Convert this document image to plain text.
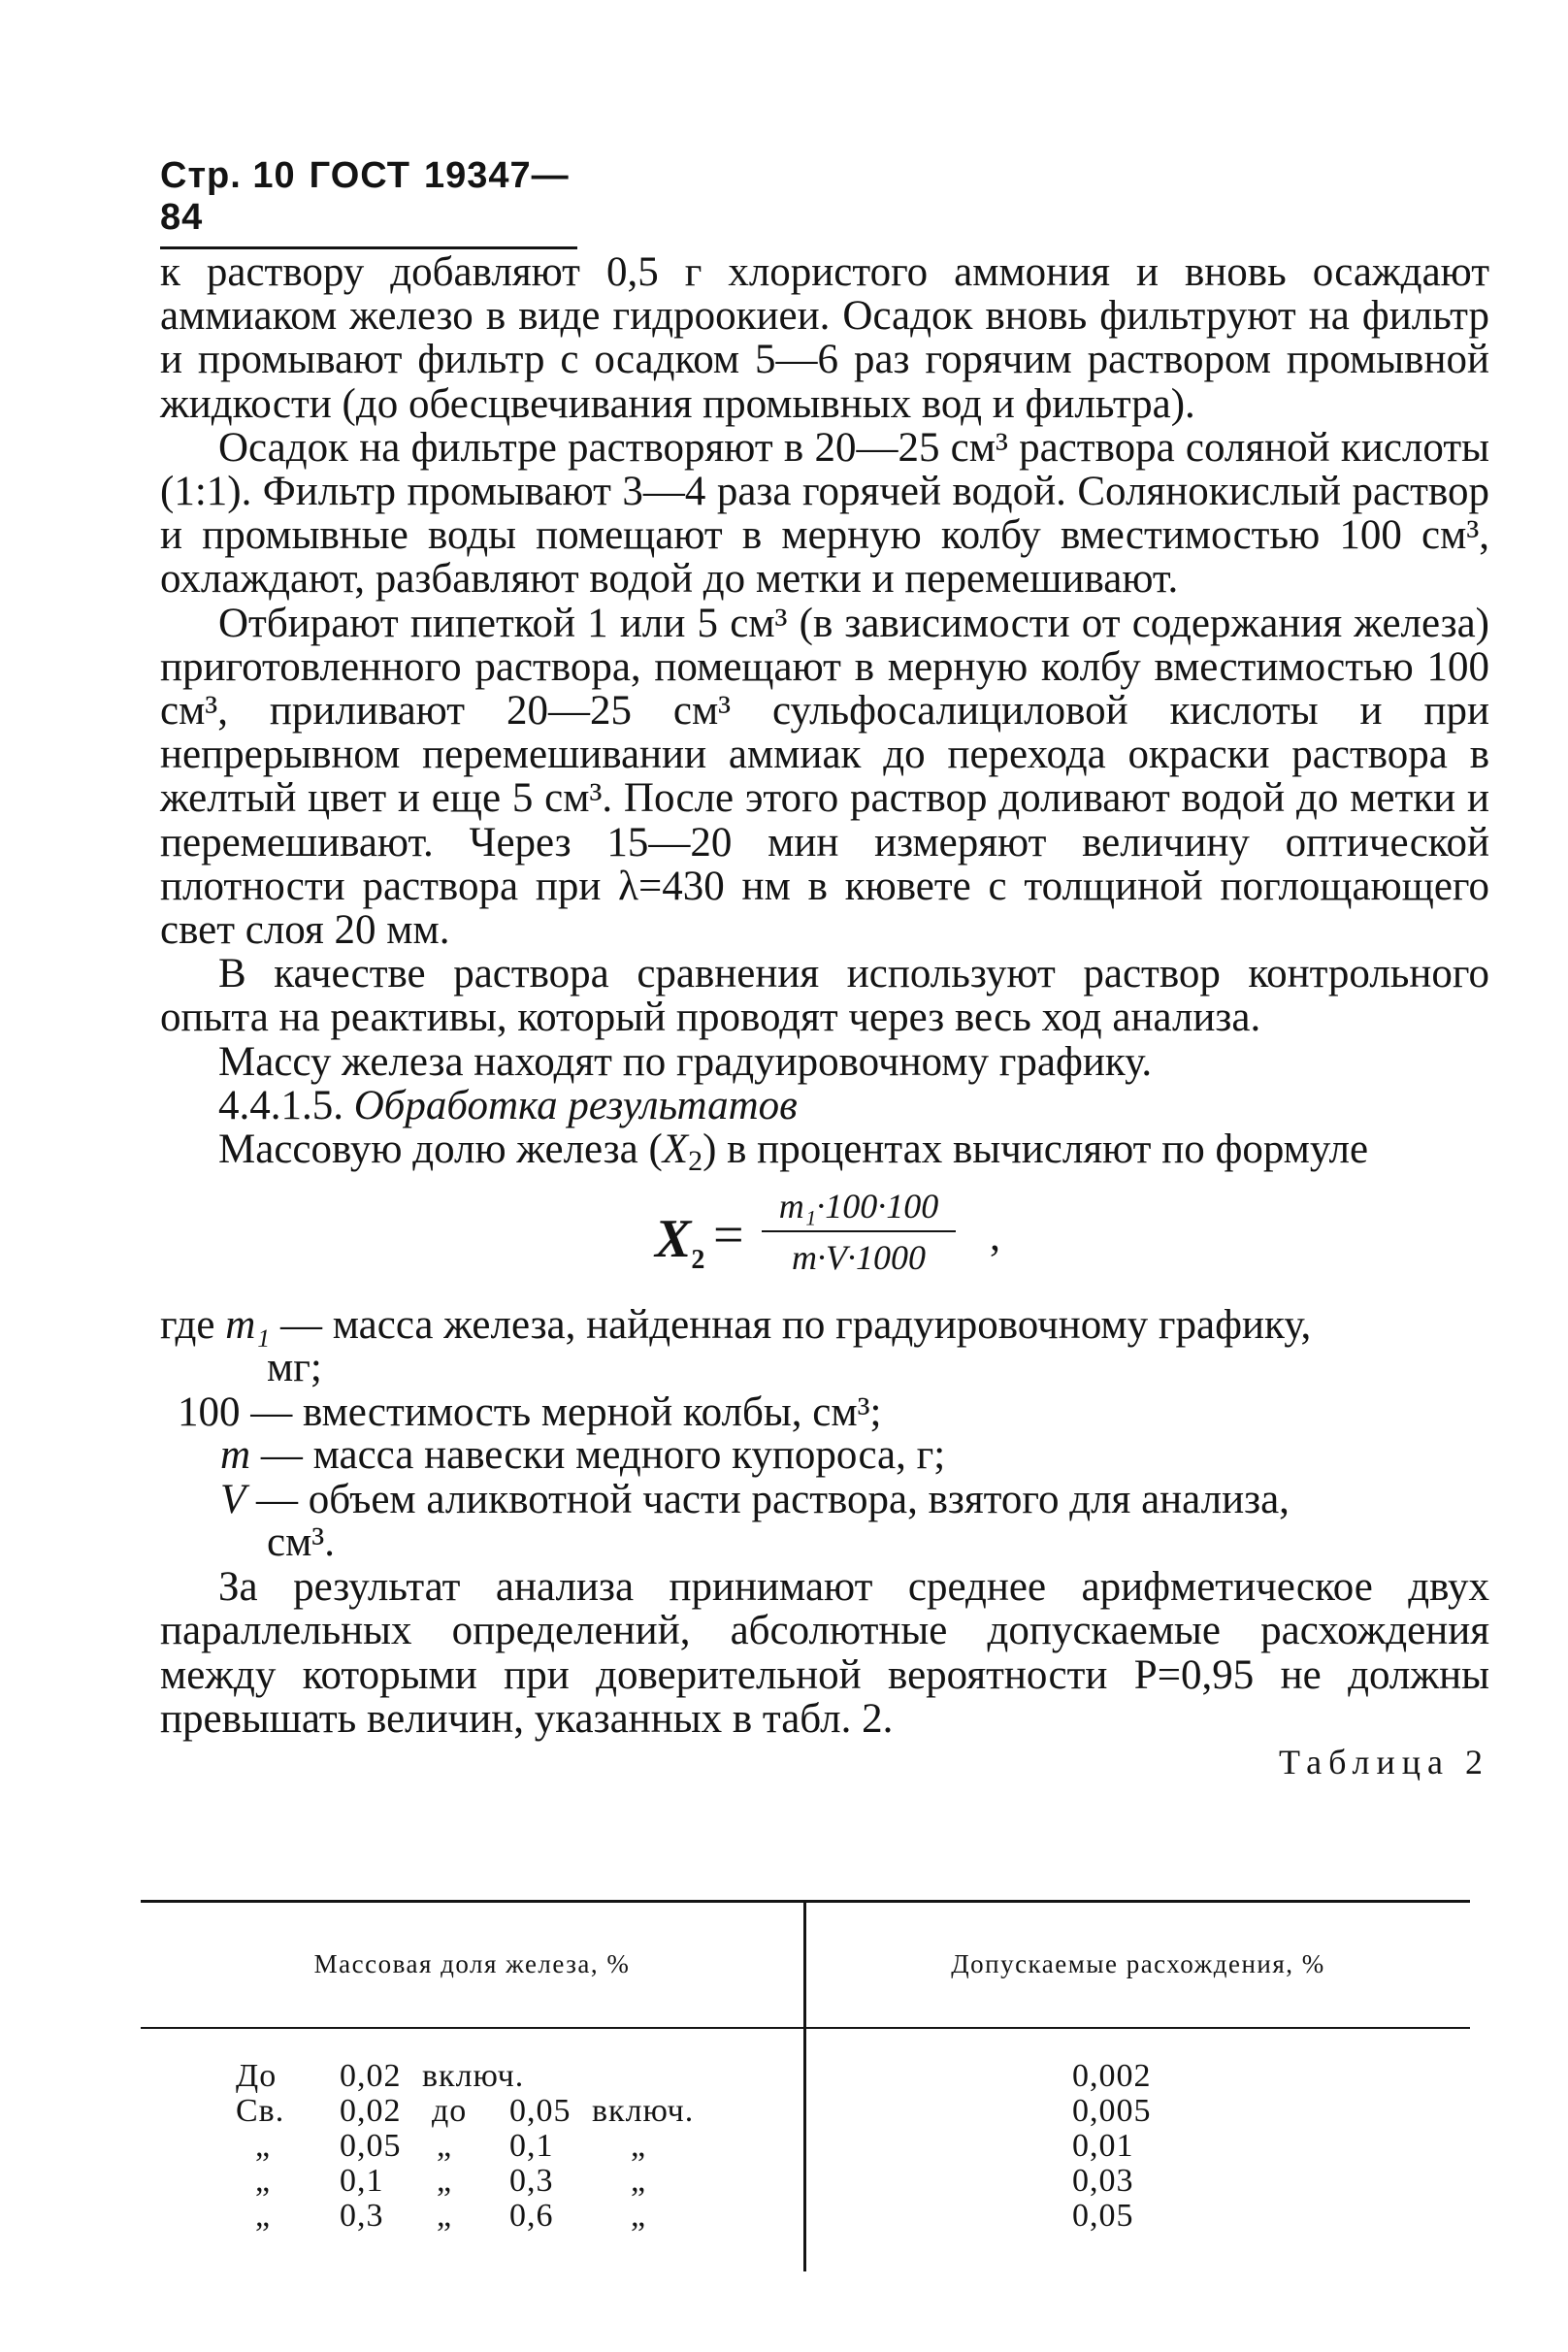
Стр. 10 ГОСТ 19347—84

к раствору добавляют 0,5 г хлористого аммония и вновь осаждают аммиаком железо в виде гидроокиеи. Осадок вновь фильтруют на фильтр и промывают фильтр с осадком 5—6 раз горячим раствором промывной жидкости (до обесцвечивания промывных вод и фильтра).

Осадок на фильтре растворяют в 20—25 см³ раствора соляной кислоты (1:1). Фильтр промывают 3—4 раза горячей водой. Солянокислый раствор и промывные воды помещают в мерную колбу вместимостью 100 см³, охлаждают, разбавляют водой до метки и перемешивают.

Отбирают пипеткой 1 или 5 см³ (в зависимости от содержания железа) приготовленного раствора, помещают в мерную колбу вместимостью 100 см³, приливают 20—25 см³ сульфосалициловой кислоты и при непрерывном перемешивании аммиак до перехода окраски раствора в желтый цвет и еще 5 см³. После этого раствор доливают водой до метки и перемешивают. Через 15—20 мин измеряют величину оптической плотности раствора при λ=430 нм в кювете с толщиной поглощающего свет слоя 20 мм.

В качестве раствора сравнения используют раствор контрольного опыта на реактивы, который проводят через весь ход анализа.

Массу железа находят по градуировочному графику.

4.4.1.5. Обработка результатов

Массовую долю железа $(X_2)$ в процентах вычисляют по формуле

$X_2 = \frac{\text{m₁·100·100}}{m\cdot V\cdot 1000}$ ,
где m₁ — масса железа, найденная по градуировочному графику,
мг;
100 — вместимость мерной колбы, см³;
m — масса навески медного купороса, г;
V — объем аликвотной части раствора, взятого для анализа,
см³.

За результат анализа принимают среднее арифметическое двух параллельных определений, абсолютные допускаемые расхождения между которыми при доверительной вероятности P=0,95 не должны превышать величин, указанных в табл. 2.

Таблица 2
Массовая доля железа, %	Допускаемые расхождения, %
До 0,02 включ.	0,002
Св. 0,02 до 0,05 включ.	0,005
„ 0,05 „ 0,1 „	0,01
„ 0,1 „ 0,3 „	0,03
„ 0,3 „ 0,6 „	0,05
